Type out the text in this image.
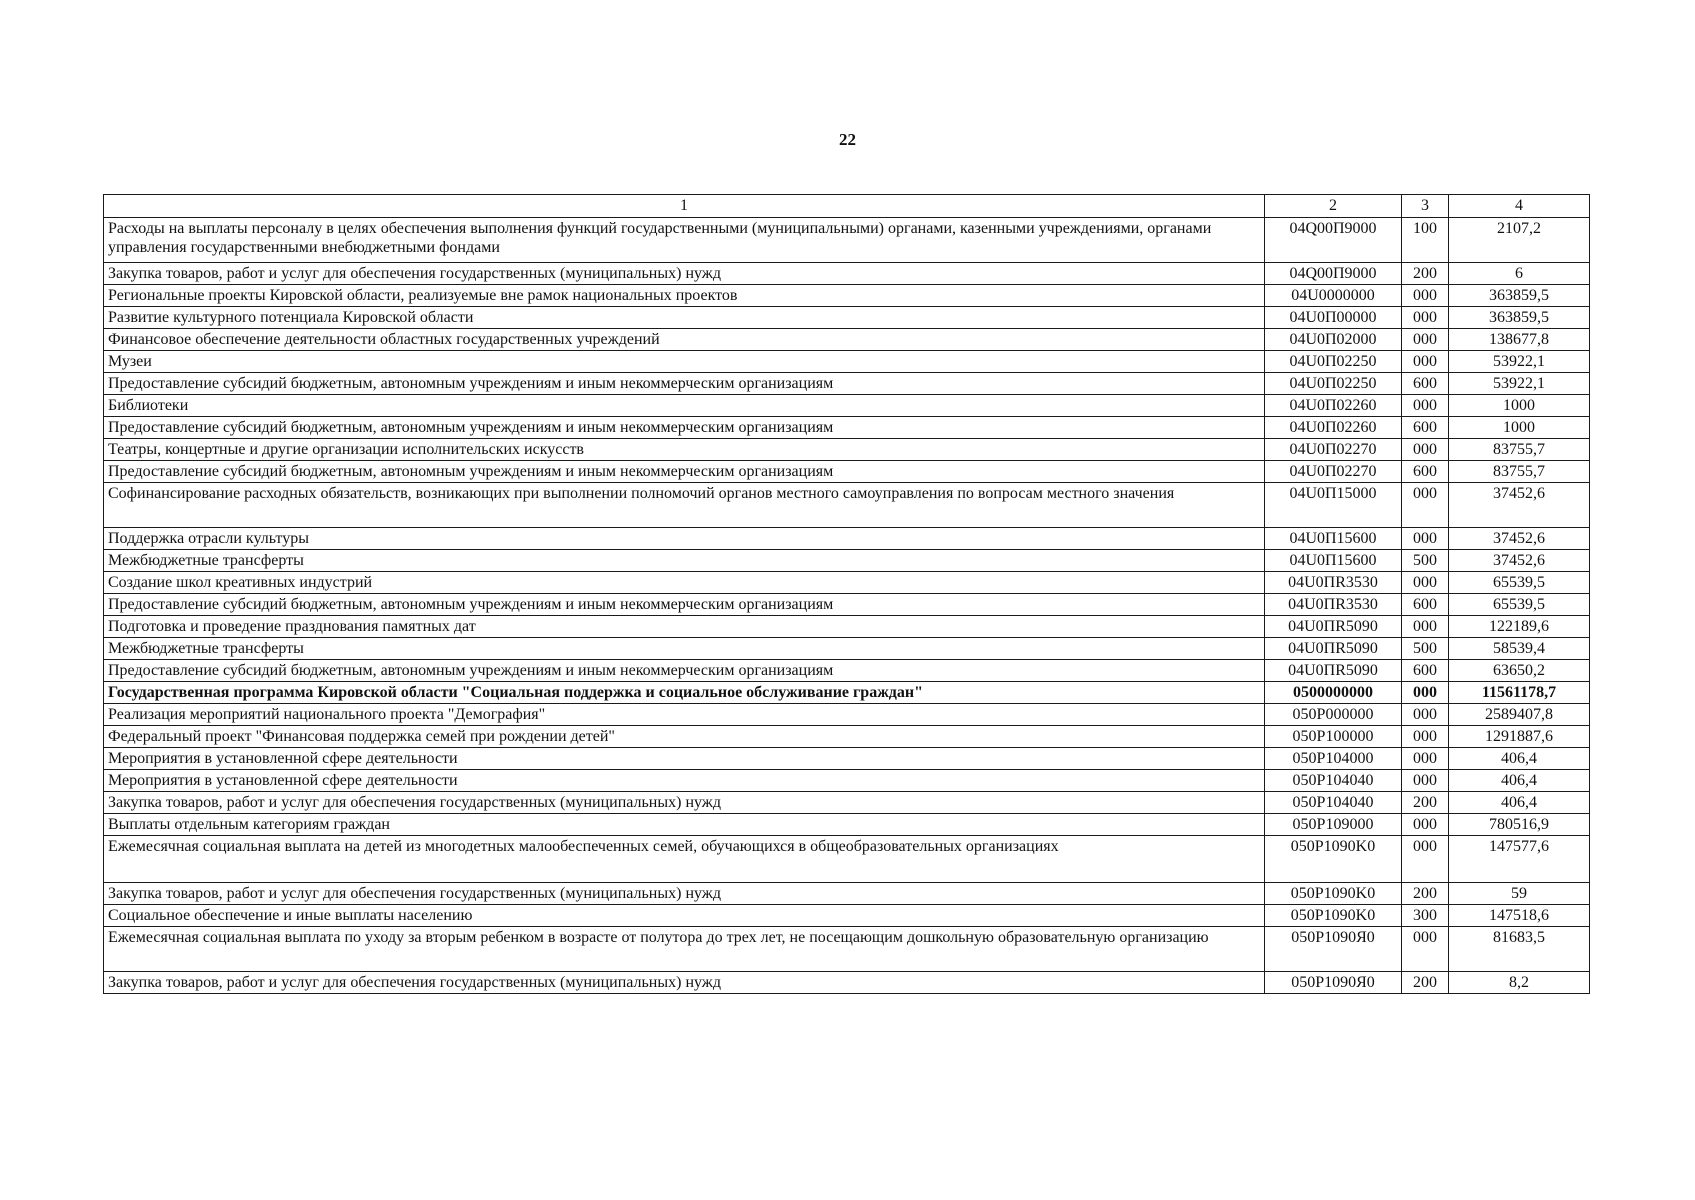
22
1	2	3	4
Расходы на выплаты персоналу в целях обеспечения выполнения функций государственными (муниципальными) органами, казенными учреждениями, органами управления государственными внебюджетными фондами	04Q00П9000	100	2107,2
Закупка товаров, работ и услуг для обеспечения государственных (муниципальных) нужд	04Q00П9000	200	6
Региональные проекты Кировской области, реализуемые вне рамок национальных проектов	04U0000000	000	363859,5
Развитие культурного потенциала Кировской области	04U0П00000	000	363859,5
Финансовое обеспечение деятельности областных государственных учреждений	04U0П02000	000	138677,8
Музеи	04U0П02250	000	53922,1
Предоставление субсидий бюджетным, автономным учреждениям и иным некоммерческим организациям	04U0П02250	600	53922,1
Библиотеки	04U0П02260	000	1000
Предоставление субсидий бюджетным, автономным учреждениям и иным некоммерческим организациям	04U0П02260	600	1000
Театры, концертные и другие организации исполнительских искусств	04U0П02270	000	83755,7
Предоставление субсидий бюджетным, автономным учреждениям и иным некоммерческим организациям	04U0П02270	600	83755,7
Софинансирование расходных обязательств, возникающих при выполнении полномочий органов местного самоуправления по вопросам местного значения	04U0П15000	000	37452,6
Поддержка отрасли культуры	04U0П15600	000	37452,6
Межбюджетные трансферты	04U0П15600	500	37452,6
Создание школ креативных индустрий	04U0ПR3530	000	65539,5
Предоставление субсидий бюджетным, автономным учреждениям и иным некоммерческим организациям	04U0ПR3530	600	65539,5
Подготовка и проведение празднования памятных дат	04U0ПR5090	000	122189,6
Межбюджетные трансферты	04U0ПR5090	500	58539,4
Предоставление субсидий бюджетным, автономным учреждениям и иным некоммерческим организациям	04U0ПR5090	600	63650,2
Государственная программа Кировской области "Социальная поддержка и социальное обслуживание граждан"	0500000000	000	11561178,7
Реализация мероприятий национального проекта "Демография"	050P000000	000	2589407,8
Федеральный проект "Финансовая поддержка семей при рождении детей"	050P100000	000	1291887,6
Мероприятия в установленной сфере деятельности	050P104000	000	406,4
Мероприятия в установленной сфере деятельности	050P104040	000	406,4
Закупка товаров, работ и услуг для обеспечения государственных (муниципальных) нужд	050P104040	200	406,4
Выплаты отдельным категориям граждан	050P109000	000	780516,9
Ежемесячная социальная выплата на детей из многодетных малообеспеченных семей, обучающихся в общеобразовательных организациях	050P1090K0	000	147577,6
Закупка товаров, работ и услуг для обеспечения государственных (муниципальных) нужд	050P1090K0	200	59
Социальное обеспечение и иные выплаты населению	050P1090K0	300	147518,6
Ежемесячная социальная выплата по уходу за вторым ребенком в возрасте от полутора до трех лет, не посещающим дошкольную образовательную организацию	050P1090Я0	000	81683,5
Закупка товаров, работ и услуг для обеспечения государственных (муниципальных) нужд	050P1090Я0	200	8,2
